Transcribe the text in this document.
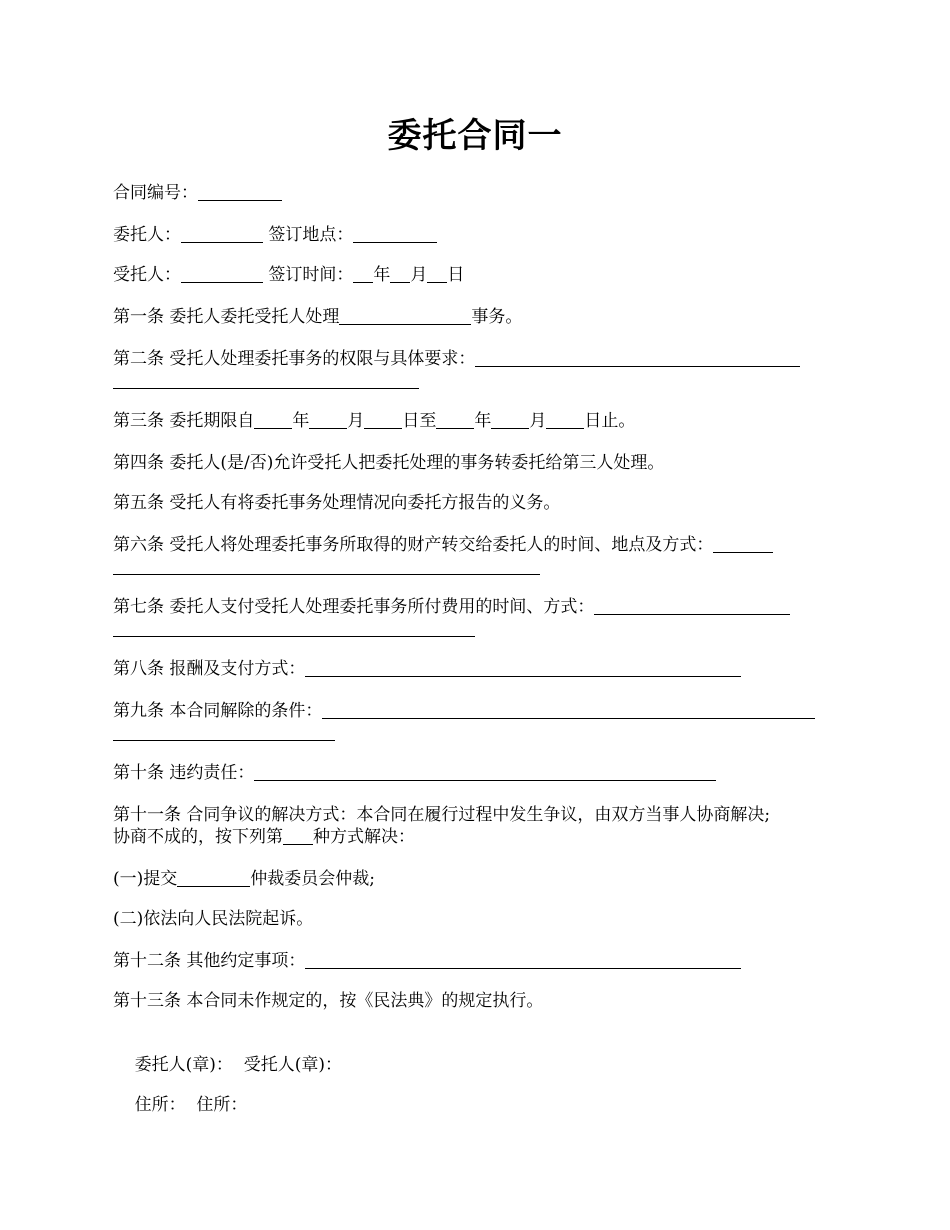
委托合同一
合同编号：
委托人：	签订地点：
受托人：	签订时间： 年 月 日
第一条 委托人委托受托人处理	事务。
第二条 受托人处理委托事务的权限与具体要求：
第三条 委托期限自 年 月 日至 年 月 日止。
第四条 委托人(是/否)允许受托人把委托处理的事务转委托给第三人处理。
第五条 受托人有将委托事务处理情况向委托方报告的义务。
第六条 受托人将处理委托事务所取得的财产转交给委托人的时间、地点及方式：
第七条 委托人支付受托人处理委托事务所付费用的时间、方式：
第八条 报酬及支付方式：
第九条 本合同解除的条件：
第十条 违约责任：
第十一条 合同争议的解决方式：本合同在履行过程中发生争议，由双方当事人协商解决;
协商不成的，按下列第 种方式解决：
(一)提交	仲裁委员会仲裁;
(二)依法向人民法院起诉。
第十二条 其他约定事项：
第十三条 本合同未作规定的，按《民法典》的规定执行。

委托人(章)：  受托人(章)：

住所：  住所：
